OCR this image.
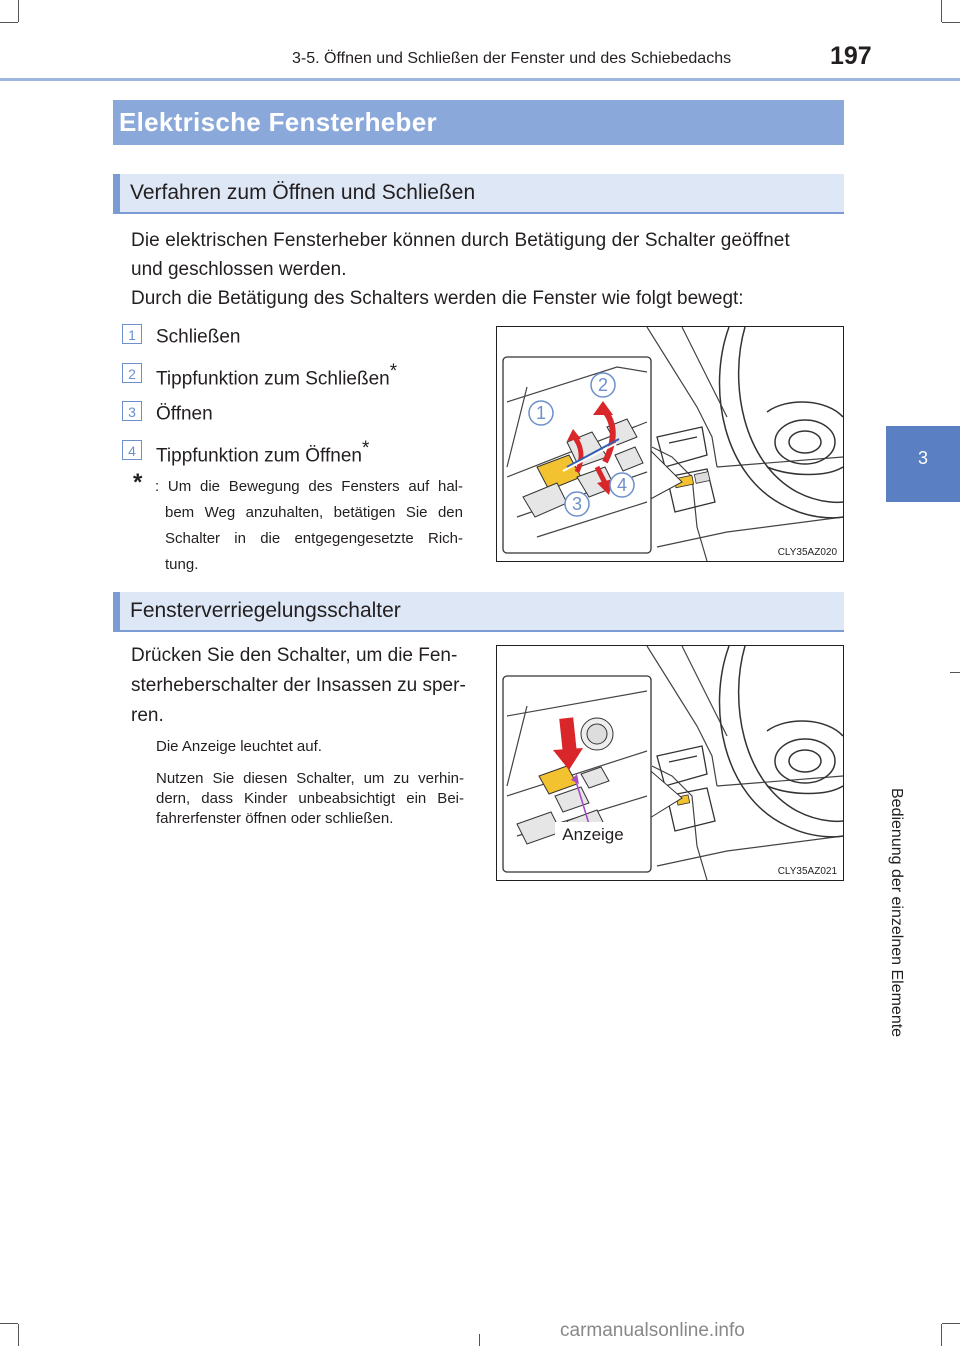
3-5. Öffnen und Schließen der Fenster und des Schiebedachs	197
3
Bedienung der einzelnen Elemente
Elektrische Fensterheber
Verfahren zum Öffnen und Schließen
Die elektrischen Fensterheber können durch Betätigung der Schalter geöffnet
und geschlossen werden.
Durch die Betätigung des Schalters werden die Fenster wie folgt bewegt:
1	Schließen
2	Tippfunktion zum Schließen*
3	Öffnen
4	Tippfunktion zum Öffnen*
* : Um die Bewegung des Fensters auf hal-
bem Weg anzuhalten, betätigen Sie den
Schalter in die entgegengesetzte Rich-
tung.
1
2
3
4
CLY35AZ020
Fensterverriegelungsschalter
Drücken Sie den Schalter, um die Fen-
sterheberschalter der Insassen zu sper-
ren.
Die Anzeige leuchtet auf.
Nutzen Sie diesen Schalter, um zu verhin-
dern, dass Kinder unbeabsichtigt ein Bei-
fahrerfenster öffnen oder schließen.
Anzeige
CLY35AZ021
carmanualsonline.info
